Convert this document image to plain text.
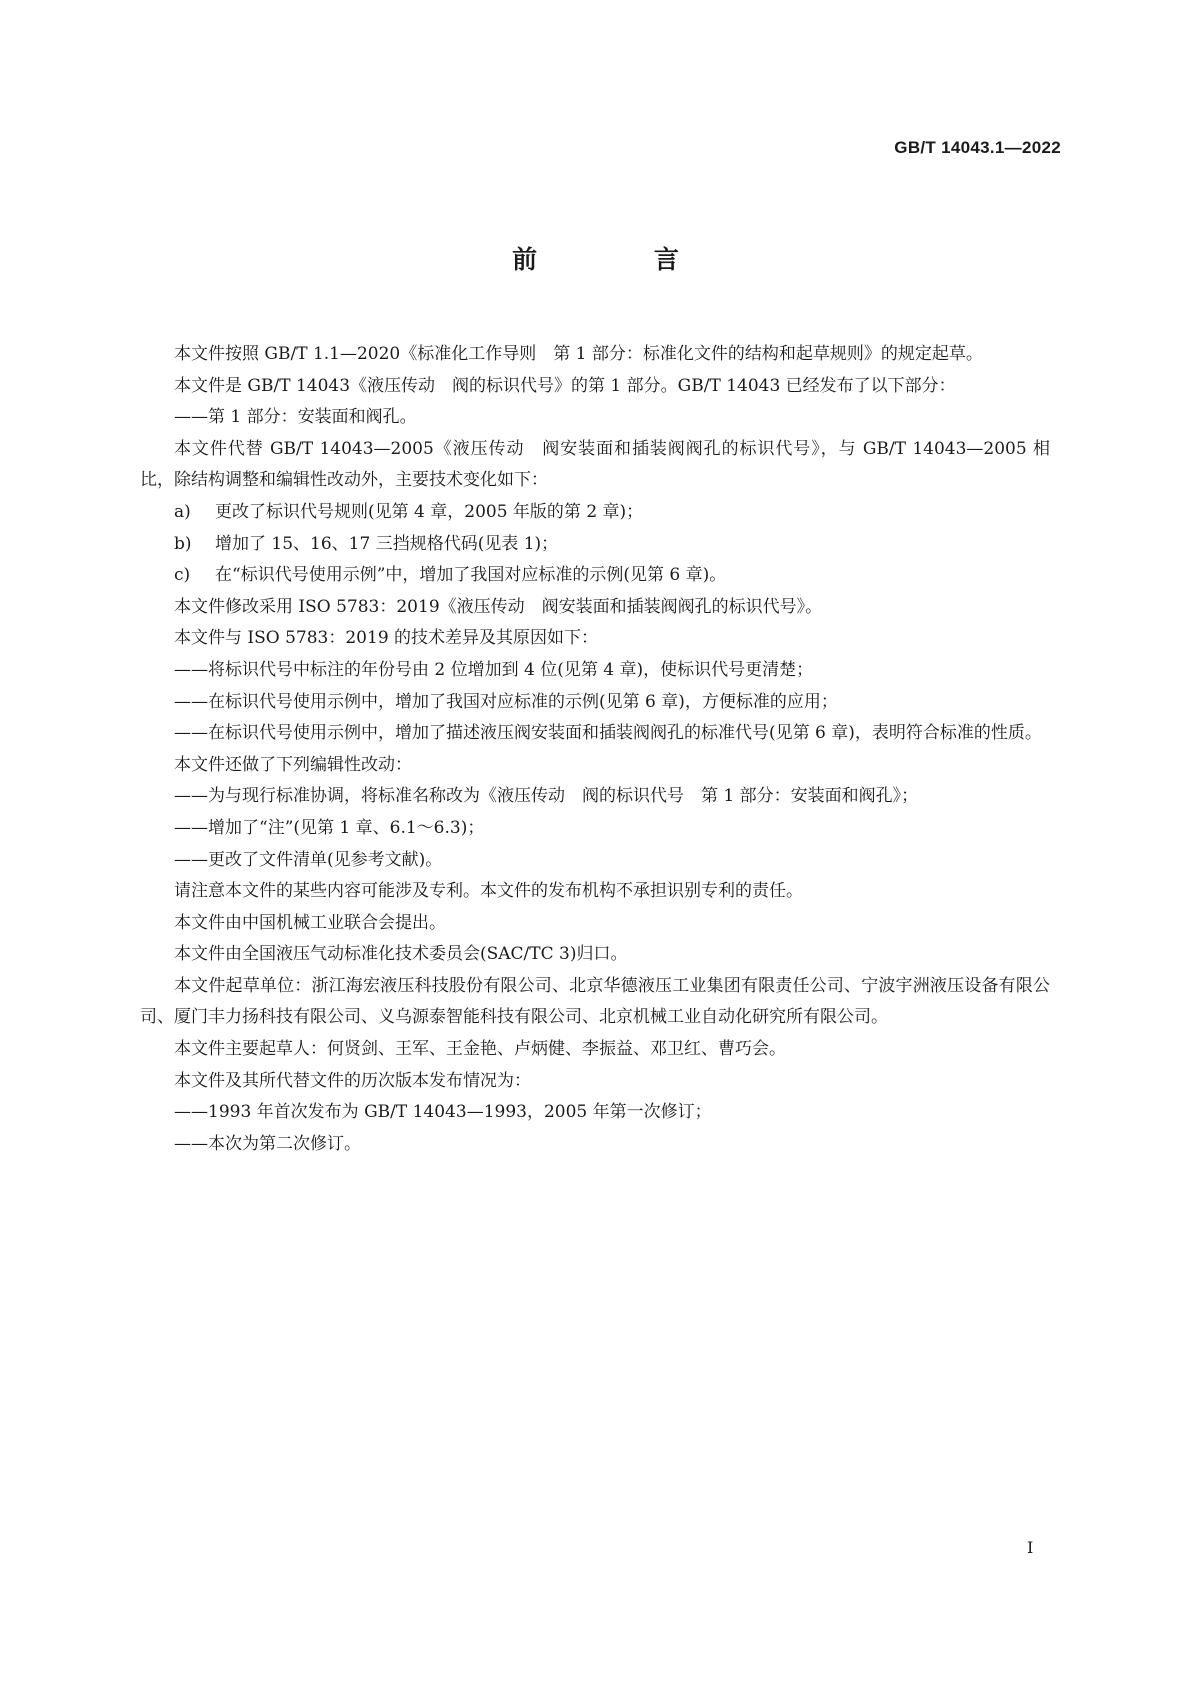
GB/T 14043.1—2022
前 言

本文件按照 GB/T 1.1—2020《标准化工作导则　第 1 部分：标准化文件的结构和起草规则》的规定起草。

本文件是 GB/T 14043《液压传动　阀的标识代号》的第 1 部分。GB/T 14043 已经发布了以下部分：

——第 1 部分：安装面和阀孔。

本文件代替 GB/T 14043—2005《液压传动　阀安装面和插装阀阀孔的标识代号》，与 GB/T 14043—2005 相比，除结构调整和编辑性改动外，主要技术变化如下：

a)	更改了标识代号规则(见第 4 章，2005 年版的第 2 章)；
b)	增加了 15、16、17 三挡规格代码(见表 1)；
c)	在“标识代号使用示例”中，增加了我国对应标准的示例(见第 6 章)。

本文件修改采用 ISO 5783：2019《液压传动　阀安装面和插装阀阀孔的标识代号》。

本文件与 ISO 5783：2019 的技术差异及其原因如下：

——将标识代号中标注的年份号由 2 位增加到 4 位(见第 4 章)，使标识代号更清楚；

——在标识代号使用示例中，增加了我国对应标准的示例(见第 6 章)，方便标准的应用；

——在标识代号使用示例中，增加了描述液压阀安装面和插装阀阀孔的标准代号(见第 6 章)，表明符合标准的性质。

本文件还做了下列编辑性改动：

——为与现行标准协调，将标准名称改为《液压传动　阀的标识代号　第 1 部分：安装面和阀孔》；

——增加了“注”(见第 1 章、6.1～6.3)；

——更改了文件清单(见参考文献)。

请注意本文件的某些内容可能涉及专利。本文件的发布机构不承担识别专利的责任。

本文件由中国机械工业联合会提出。

本文件由全国液压气动标准化技术委员会(SAC/TC 3)归口。

本文件起草单位：浙江海宏液压科技股份有限公司、北京华德液压工业集团有限责任公司、宁波宇洲液压设备有限公司、厦门丰力扬科技有限公司、义乌源泰智能科技有限公司、北京机械工业自动化研究所有限公司。

本文件主要起草人：何贤剑、王军、王金艳、卢炳健、李振益、邓卫红、曹巧会。

本文件及其所代替文件的历次版本发布情况为：

——1993 年首次发布为 GB/T 14043—1993，2005 年第一次修订；

——本次为第二次修订。

I
